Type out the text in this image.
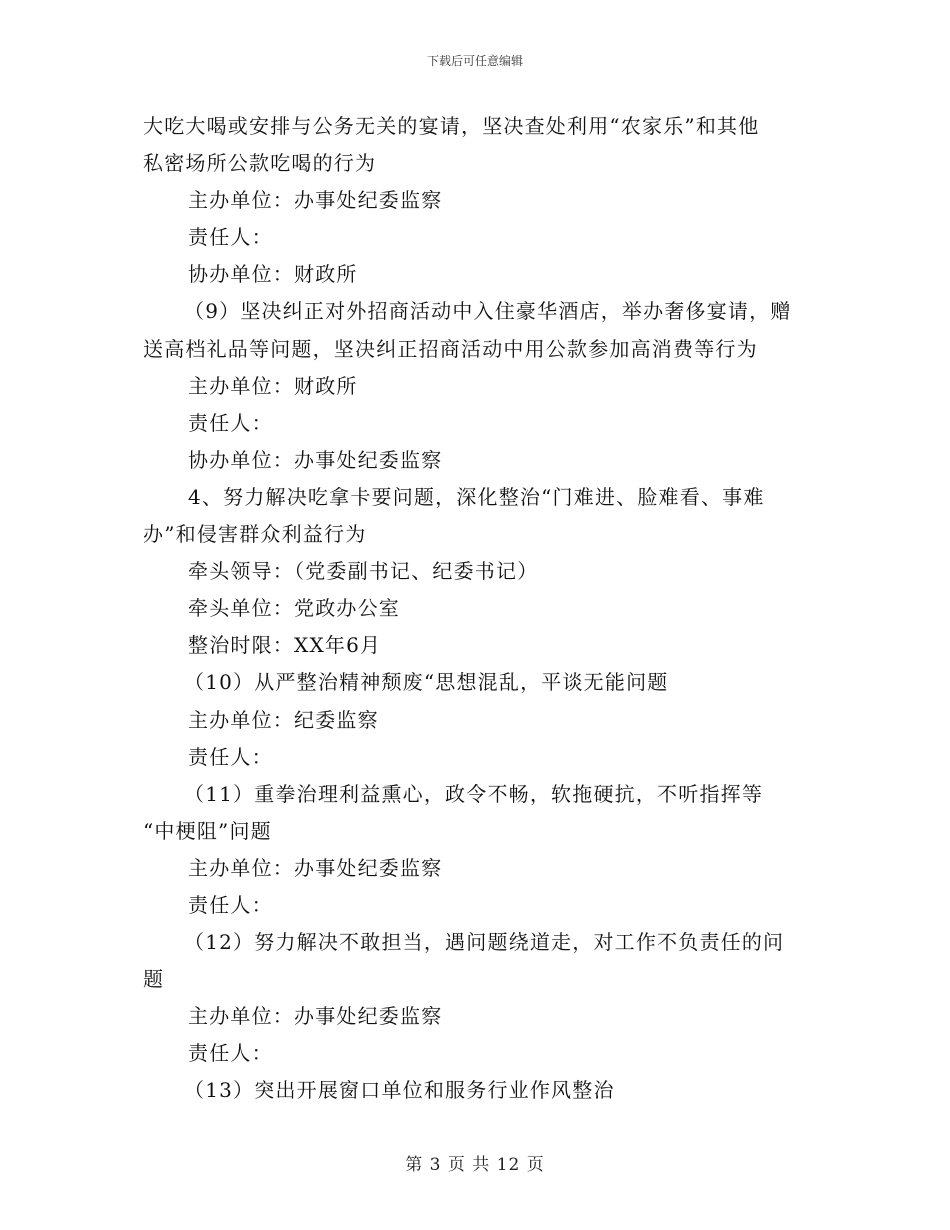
下载后可任意编辑
大吃大喝或安排与公务无关的宴请，坚决查处利用“农家乐”和其他
私密场所公款吃喝的行为
主办单位：办事处纪委监察
责任人：
协办单位：财政所
（9）坚决纠正对外招商活动中入住豪华酒店，举办奢侈宴请，赠
送高档礼品等问题，坚决纠正招商活动中用公款参加高消费等行为
主办单位：财政所
责任人：
协办单位：办事处纪委监察
4、努力解决吃拿卡要问题，深化整治“门难进、脸难看、事难
办”和侵害群众利益行为
牵头领导：（党委副书记、纪委书记）
牵头单位：党政办公室
整治时限：XX年6月
（10）从严整治精神颓废“思想混乱，平谈无能问题
主办单位：纪委监察
责任人：
（11）重拳治理利益熏心，政令不畅，软拖硬抗，不听指挥等
“中梗阻”问题
主办单位：办事处纪委监察
责任人：
（12）努力解决不敢担当，遇问题绕道走，对工作不负责任的问
题
主办单位：办事处纪委监察
责任人：
（13）突出开展窗口单位和服务行业作风整治
第 3 页 共 12 页
